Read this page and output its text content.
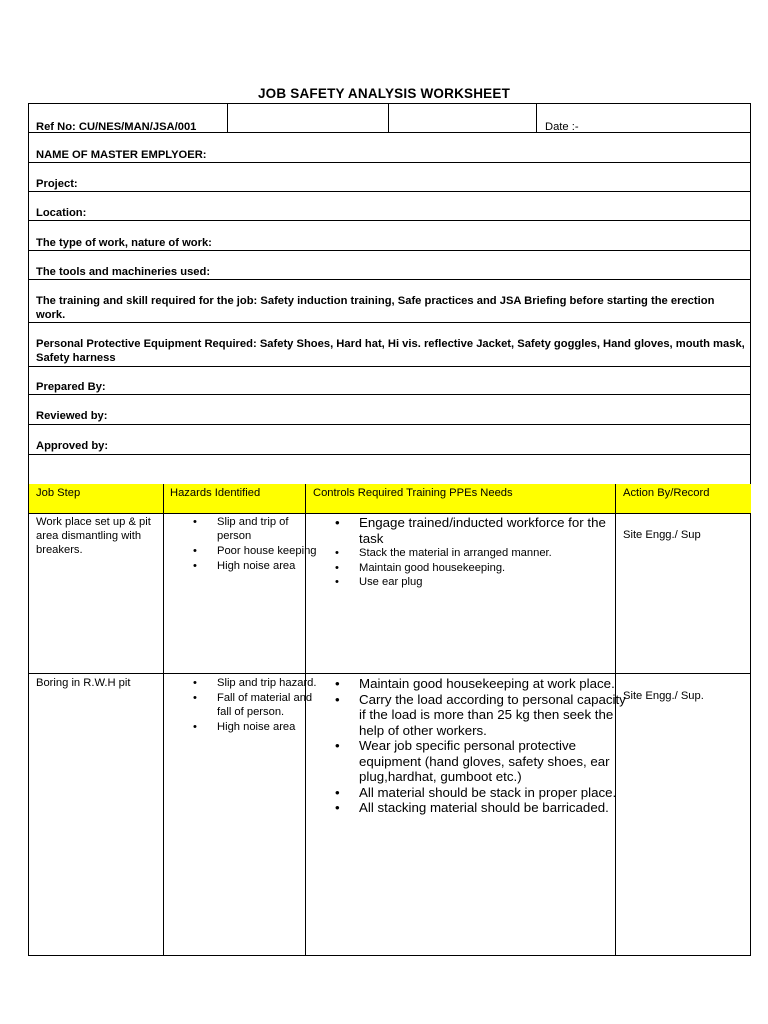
JOB SAFETY ANALYSIS WORKSHEET
Ref No: CU/NES/MAN/JSA/001	Date :-
NAME OF MASTER EMPLYOER:
Project:
Location:
The type of work, nature of work:
The tools and machineries used:
The training and skill required for the job: Safety induction training, Safe practices and JSA Briefing before starting the erection work.
Personal Protective Equipment Required: Safety Shoes, Hard hat, Hi vis. reflective Jacket, Safety goggles, Hand gloves, mouth mask, Safety harness
Prepared By:
Reviewed by:
Approved by:
Job Step	Hazards Identified	Controls Required Training PPEs Needs	Action By/Record
Work place set up & pit area dismantling with breakers.
• Slip and trip of person
• Poor house keeping
• High noise area
• Engage trained/inducted workforce for the task
• Stack the material in arranged manner.
• Maintain good housekeeping.
• Use ear plug
Site Engg./ Sup
Boring in R.W.H pit
•	Slip and trip hazard.
• Fall of material and fall of person.
• High noise area
• Maintain good housekeeping at work place.
• Carry the load according to personal capacity if the load is more than 25 kg then seek the help of other workers.
• Wear job specific personal protective equipment (hand gloves, safety shoes, ear plug,hardhat, gumboot etc.)
• All material should be stack in proper place.
• All stacking material should be barricaded.
Site Engg./ Sup.
